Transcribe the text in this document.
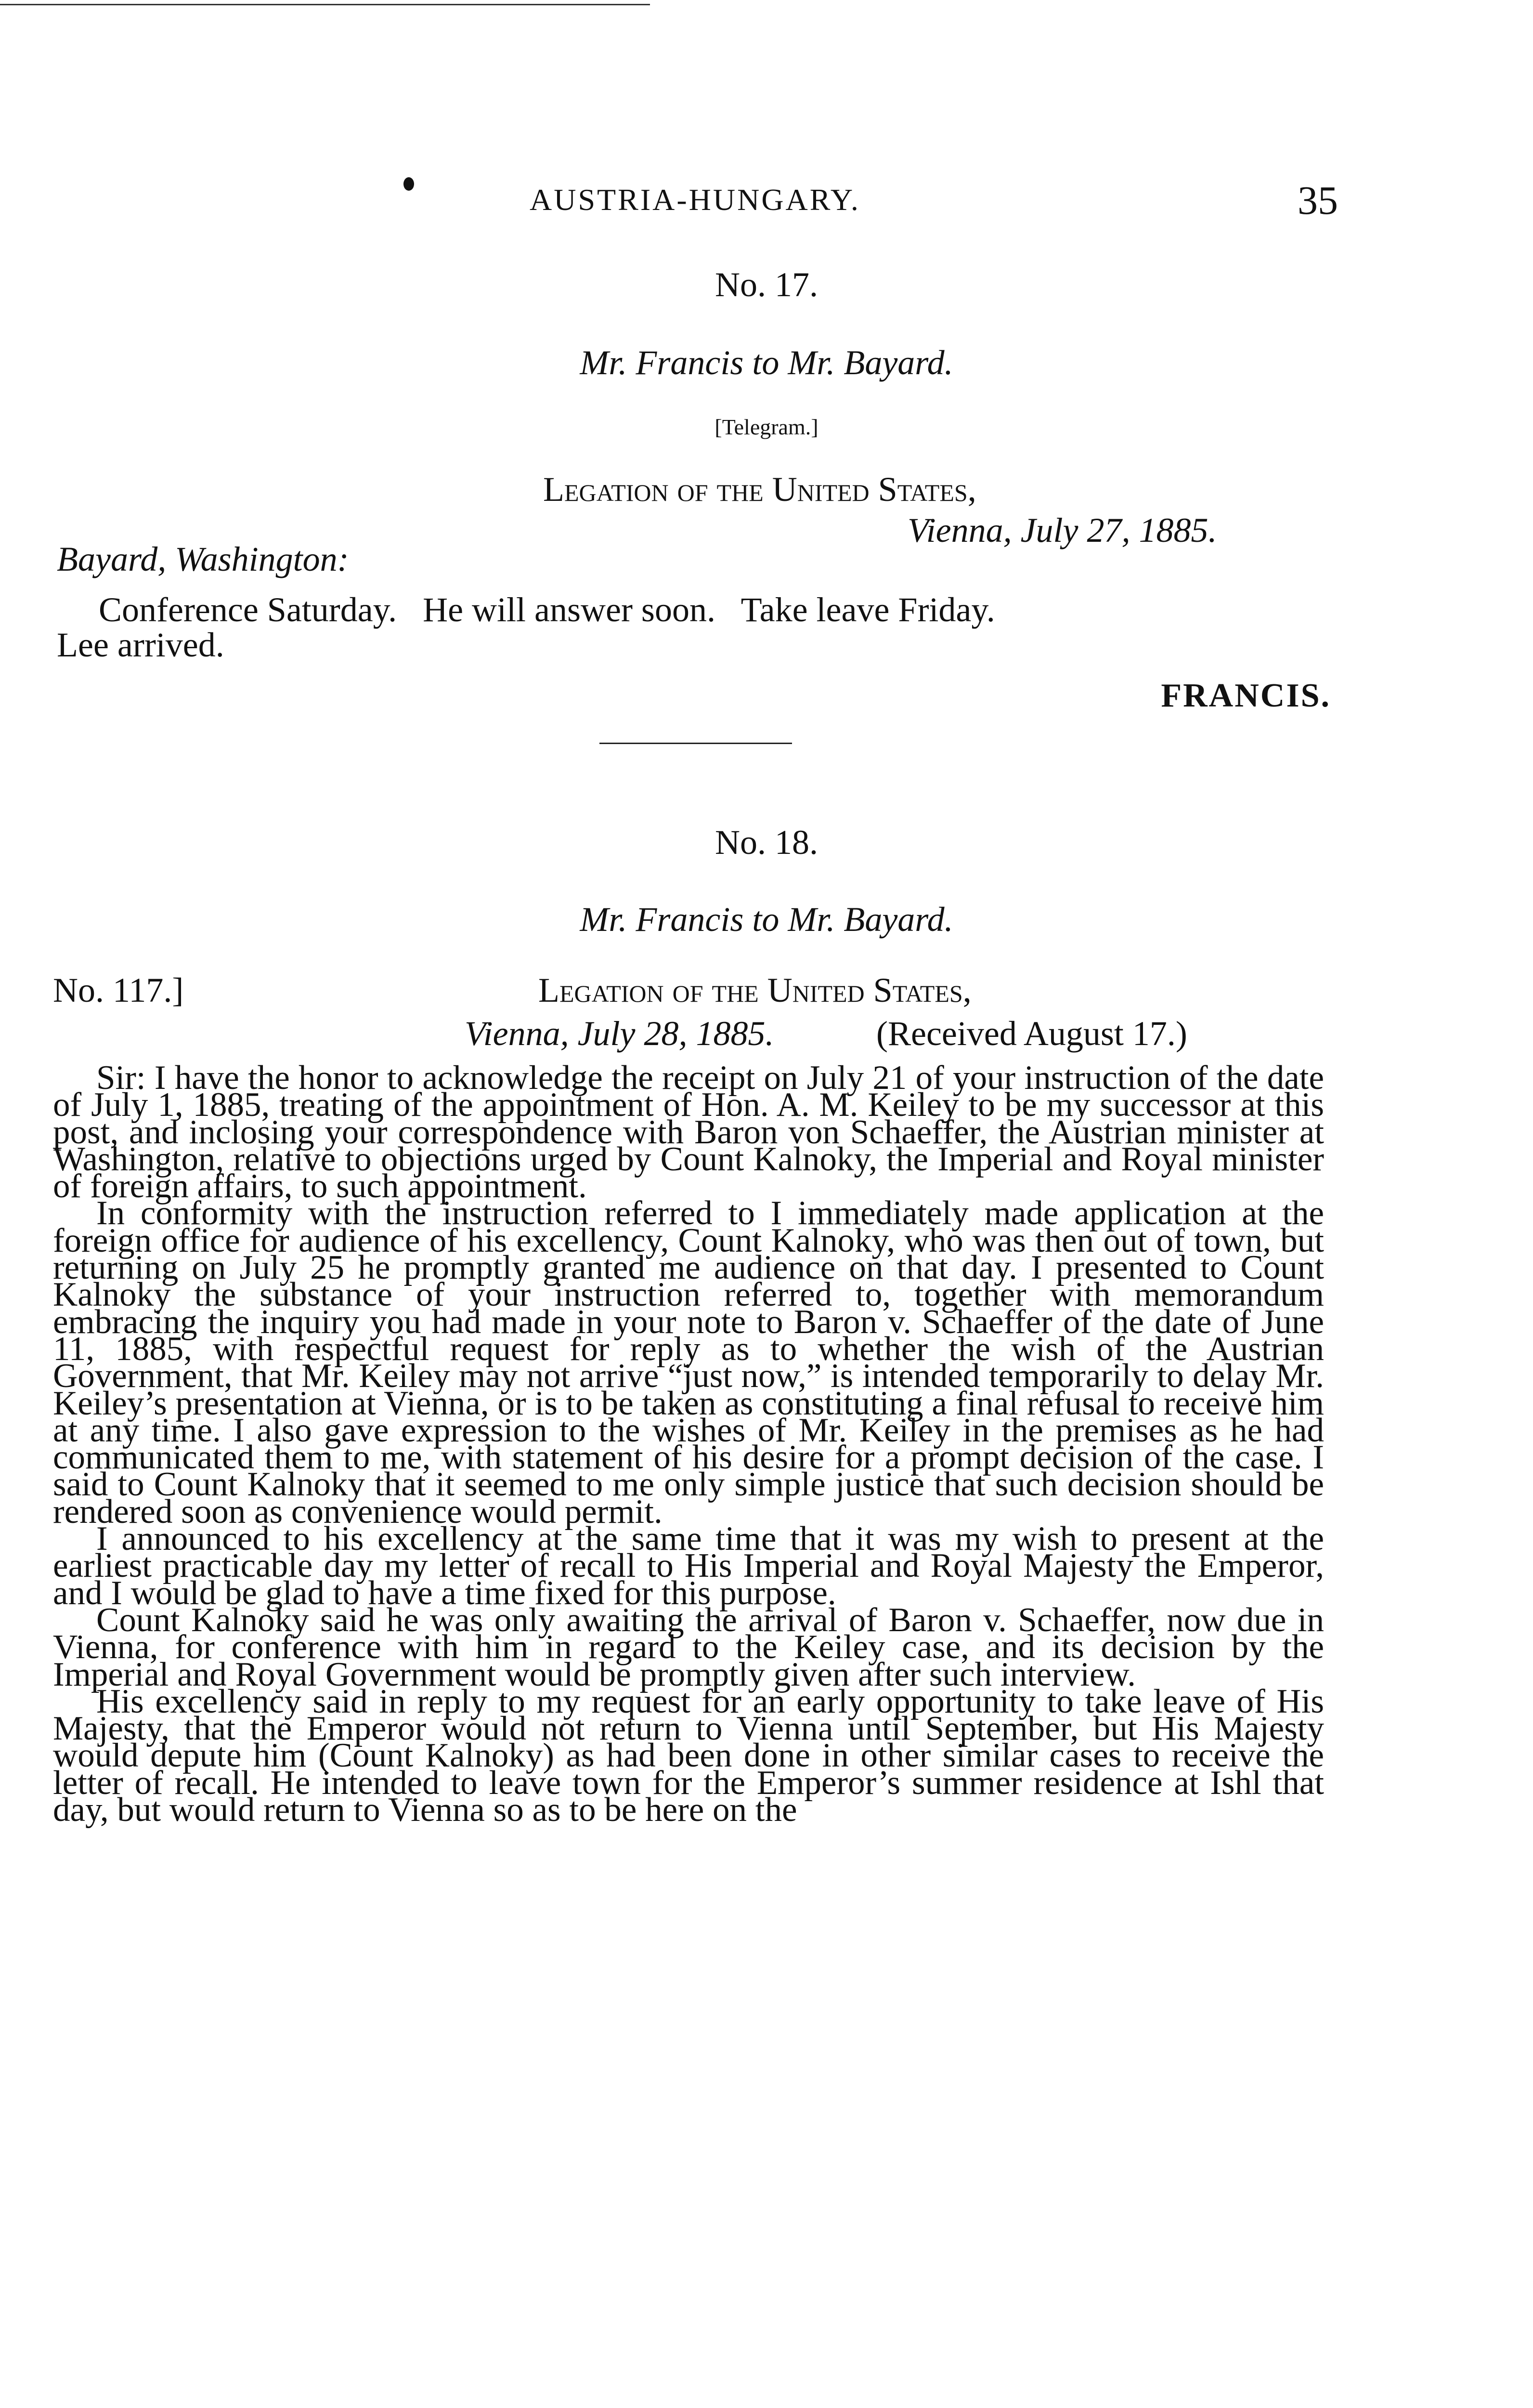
AUSTRIA-HUNGARY.	35
No. 17.
Mr. Francis to Mr. Bayard.
[Telegram.]
Legation of the United States,
Vienna, July 27, 1885.
Bayard, Washington:
Conference Saturday.   He will answer soon.   Take leave Friday.
Lee arrived.
FRANCIS.
No. 18.
Mr. Francis to Mr. Bayard.
No. 117.]	Legation of the United States,
Vienna, July 28, 1885.	(Received August 17.)

Sir: I have the honor to acknowledge the receipt on July 21 of your instruction of the date of July 1, 1885, treating of the appointment of Hon. A. M. Keiley to be my successor at this post, and inclosing your correspondence with Baron von Schaeffer, the Austrian minister at Washington, relative to objections urged by Count Kalnoky, the Imperial and Royal minister of foreign affairs, to such appointment.

In conformity with the instruction referred to I immediately made application at the foreign office for audience of his excellency, Count Kalnoky, who was then out of town, but returning on July 25 he promptly granted me audience on that day. I presented to Count Kalnoky the substance of your instruction referred to, together with memorandum embracing the inquiry you had made in your note to Baron v. Schaeffer of the date of June 11, 1885, with respectful request for reply as to whether the wish of the Austrian Government, that Mr. Keiley may not arrive “just now,” is intended temporarily to delay Mr. Keiley’s presentation at Vienna, or is to be taken as constituting a final refusal to receive him at any time. I also gave expression to the wishes of Mr. Keiley in the premises as he had communicated them to me, with statement of his desire for a prompt decision of the case. I said to Count Kalnoky that it seemed to me only simple justice that such decision should be rendered soon as convenience would permit.

I announced to his excellency at the same time that it was my wish to present at the earliest practicable day my letter of recall to His Imperial and Royal Majesty the Emperor, and I would be glad to have a time fixed for this purpose.

Count Kalnoky said he was only awaiting the arrival of Baron v. Schaeffer, now due in Vienna, for conference with him in regard to the Keiley case, and its decision by the Imperial and Royal Government would be promptly given after such interview.

His excellency said in reply to my request for an early opportunity to take leave of His Majesty, that the Emperor would not return to Vienna until September, but His Majesty would depute him (Count Kalnoky) as had been done in other similar cases to receive the letter of recall. He intended to leave town for the Emperor’s summer residence at Ishl that day, but would return to Vienna so as to be here on the
